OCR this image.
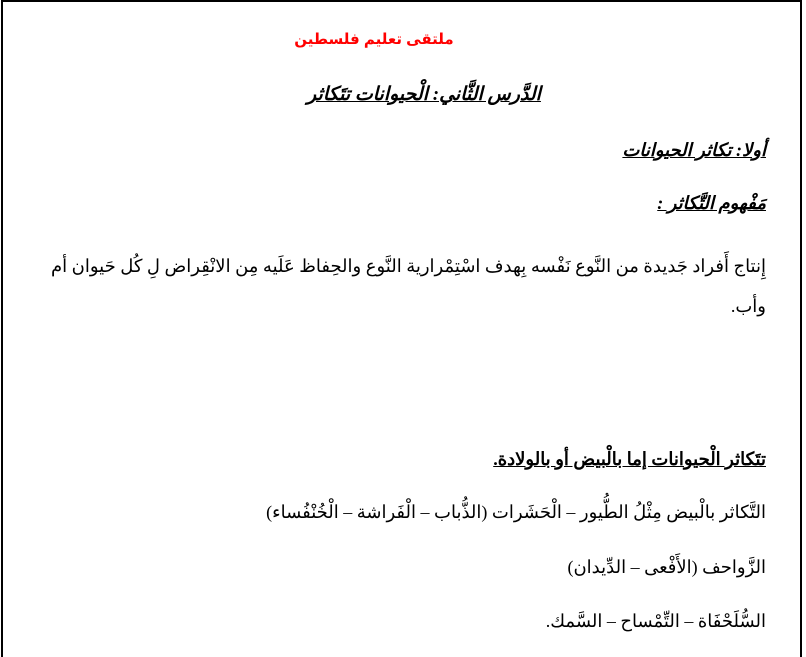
ملتقى تعليم فلسطين
الدَّرس الثَّاني: الْحيوانات تتَكاثر
أولا: تكاثر الحيوانات
مَفْهوم التَّكاثر :
إِنتاج أَفراد جَديدة من النَّوع نَفْسه بِهدف اسْتِمْرارية النَّوع والحِفاظ عَلَيه مِن الانْقِراض لِ كُل حَيوان أم وأب.
تتَكاثر الْحيوانات إما بالْبيض أو بالولادة.
التَّكاثر بالْبيض مِثْلُ الطُّيور – الْحَشَرات (الذُّباب – الْفَراشة – الْخُنْفُساء)
الزَّواحف (الأَفْعى – الدِّيدان)
السُّلَحْفَاة – التِّمْساح – السَّمك.
